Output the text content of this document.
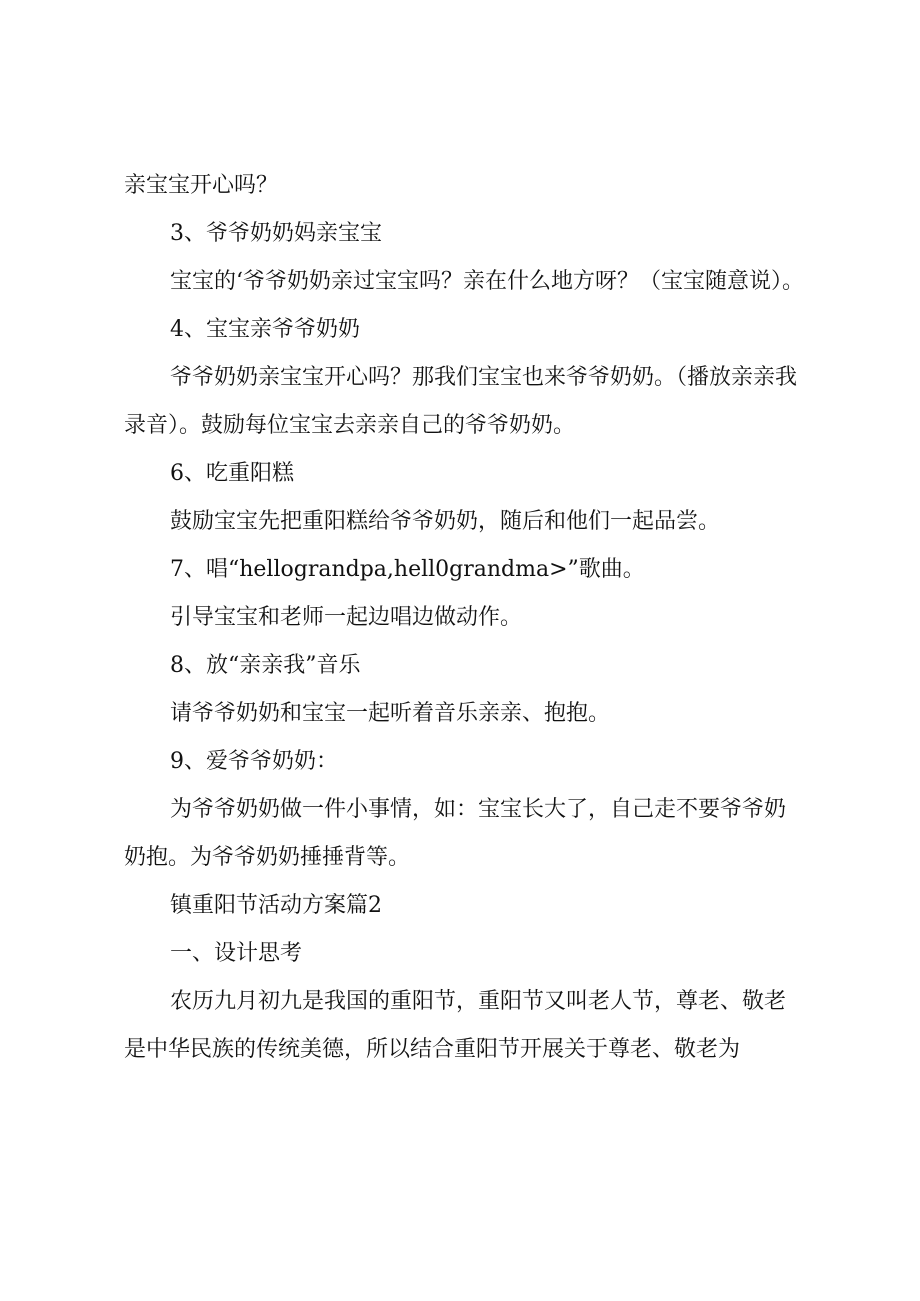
亲宝宝开心吗？

3、爷爷奶奶妈亲宝宝

宝宝的‘爷爷奶奶亲过宝宝吗？亲在什么地方呀？（宝宝随意说）。

4、宝宝亲爷爷奶奶

爷爷奶奶亲宝宝开心吗？那我们宝宝也来爷爷奶奶。（播放亲亲我录音）。鼓励每位宝宝去亲亲自己的爷爷奶奶。

6、吃重阳糕

鼓励宝宝先把重阳糕给爷爷奶奶，随后和他们一起品尝。

7、唱“hellograndpa,hell0grandma>”歌曲。

引导宝宝和老师一起边唱边做动作。

8、放“亲亲我”音乐

请爷爷奶奶和宝宝一起听着音乐亲亲、抱抱。

9、爱爷爷奶奶：

为爷爷奶奶做一件小事情，如：宝宝长大了，自己走不要爷爷奶奶抱。为爷爷奶奶捶捶背等。

镇重阳节活动方案篇2

一、设计思考

农历九月初九是我国的重阳节，重阳节又叫老人节，尊老、敬老是中华民族的传统美德，所以结合重阳节开展关于尊老、敬老为
